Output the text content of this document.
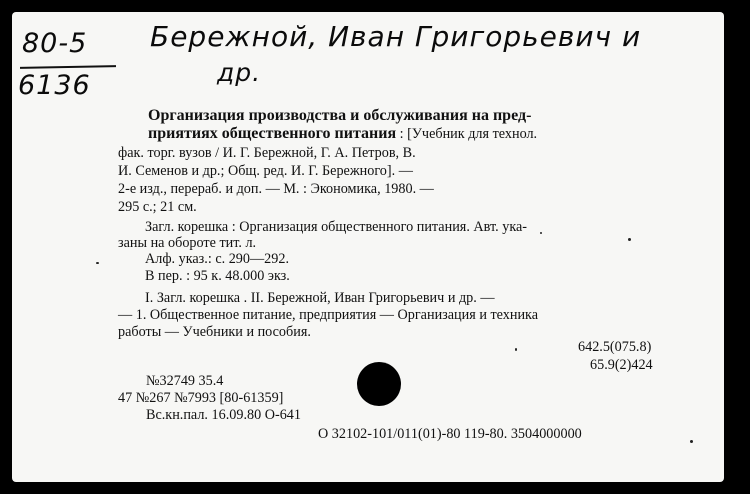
80-5
6136
Бережной, Иван Григорьевич и
др.
Организация производства и обслуживания на пред-
приятиях общественного питания : [Учебник для технол.
фак. торг. вузов / И. Г. Бережной, Г. А. Петров, В.
И. Семенов и др.; Общ. ред. И. Г. Бережного]. —
2-е изд., перераб. и доп. — М. : Экономика, 1980. —
295 с.; 21 см.
Загл. корешка : Организация общественного питания. Авт. ука-
заны на обороте тит. л.
Алф. указ.: с. 290—292.
В пер. : 95 к. 48.000 экз.
I. Загл. корешка . II. Бережной, Иван Григорьевич и др. —
— 1. Общественное питание, предприятия — Организация и техника
работы — Учебники и пособия.
642.5(075.8)
65.9(2)424
№32749 35.4
47 №267 №7993 [80-61359]
Вс.кн.пал. 16.09.80 О-641
О 32102-101/011(01)-80 119-80. 3504000000
